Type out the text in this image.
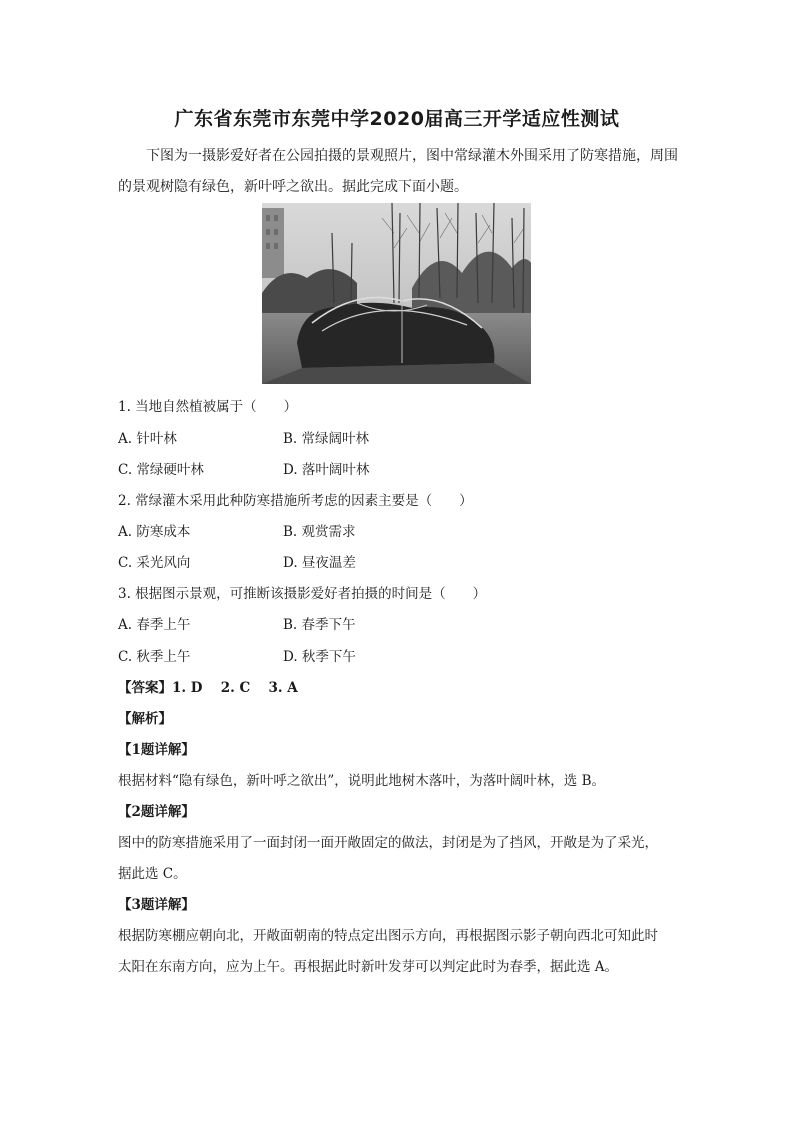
广东省东莞市东莞中学2020届高三开学适应性测试

下图为一摄影爱好者在公园拍摄的景观照片，图中常绿灌木外围采用了防寒措施，周围的景观树隐有绿色，新叶呼之欲出。据此完成下面小题。

1. 当地自然植被属于（　　）
A. 针叶林	B. 常绿阔叶林
C. 常绿硬叶林	D. 落叶阔叶林
2. 常绿灌木采用此种防寒措施所考虑的因素主要是（　　）
A. 防寒成本	B. 观赏需求
C. 采光风向	D. 昼夜温差
3. 根据图示景观，可推断该摄影爱好者拍摄的时间是（　　）
A. 春季上午	B. 春季下午
C. 秋季上午	D. 秋季下午
【答案】1. D　 2. C　 3. A
【解析】
【1题详解】
根据材料“隐有绿色，新叶呼之欲出”，说明此地树木落叶，为落叶阔叶林，选 B。
【2题详解】
图中的防寒措施采用了一面封闭一面开敞固定的做法，封闭是为了挡风，开敞是为了采光，
据此选 C。
【3题详解】
根据防寒棚应朝向北，开敞面朝南的特点定出图示方向，再根据图示影子朝向西北可知此时
太阳在东南方向，应为上午。再根据此时新叶发芽可以判定此时为春季，据此选 A。
